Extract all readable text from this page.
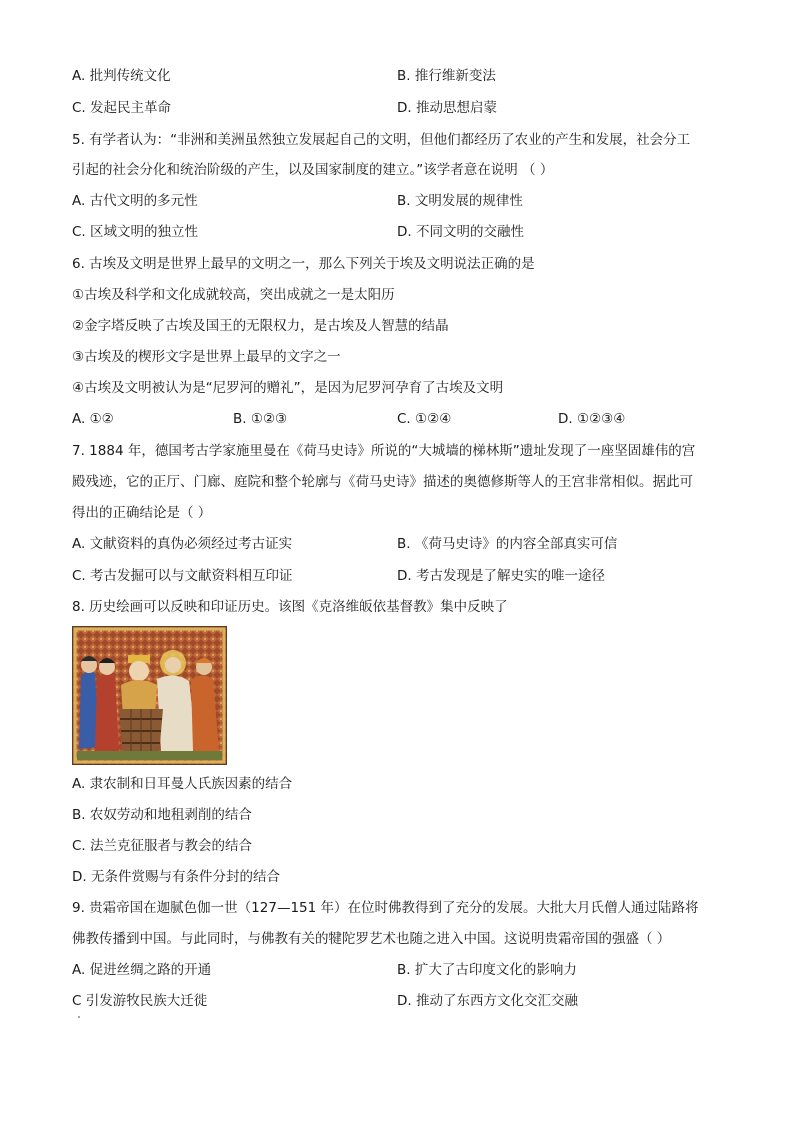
A. 批判传统文化	B. 推行维新变法
C. 发起民主革命	D. 推动思想启蒙
5. 有学者认为：“非洲和美洲虽然独立发展起自己的文明，但他们都经历了农业的产生和发展，社会分工
引起的社会分化和统治阶级的产生，以及国家制度的建立。”该学者意在说明 （ ）
A. 古代文明的多元性	B. 文明发展的规律性
C. 区域文明的独立性	D. 不同文明的交融性
6. 古埃及文明是世界上最早的文明之一，那么下列关于埃及文明说法正确的是
①古埃及科学和文化成就较高，突出成就之一是太阳历
②金字塔反映了古埃及国王的无限权力，是古埃及人智慧的结晶
③古埃及的楔形文字是世界上最早的文字之一
④古埃及文明被认为是“尼罗河的赠礼”，是因为尼罗河孕育了古埃及文明
A. ①②	B. ①②③	C. ①②④	D. ①②③④
7. 1884 年，德国考古学家施里曼在《荷马史诗》所说的“大城墙的梯林斯”遗址发现了一座坚固雄伟的宫
殿残迹，它的正厅、门廊、庭院和整个轮廓与《荷马史诗》描述的奥德修斯等人的王宫非常相似。据此可
得出的正确结论是（ ）
A. 文献资料的真伪必须经过考古证实	B. 《荷马史诗》的内容全部真实可信
C. 考古发掘可以与文献资料相互印证	D. 考古发现是了解史实的唯一途径
8. 历史绘画可以反映和印证历史。该图《克洛维皈依基督教》集中反映了
A. 隶农制和日耳曼人氏族因素的结合
B. 农奴劳动和地租剥削的结合
C. 法兰克征服者与教会的结合
D. 无条件赏赐与有条件分封的结合
9. 贵霜帝国在迦腻色伽一世（127—151 年）在位时佛教得到了充分的发展。大批大月氏僧人通过陆路将
佛教传播到中国。与此同时，与佛教有关的犍陀罗艺术也随之进入中国。这说明贵霜帝国的强盛（ ）
A. 促进丝绸之路的开通	B. 扩大了古印度文化的影响力
C 引发游牧民族大迁徙	D. 推动了东西方文化交汇交融
